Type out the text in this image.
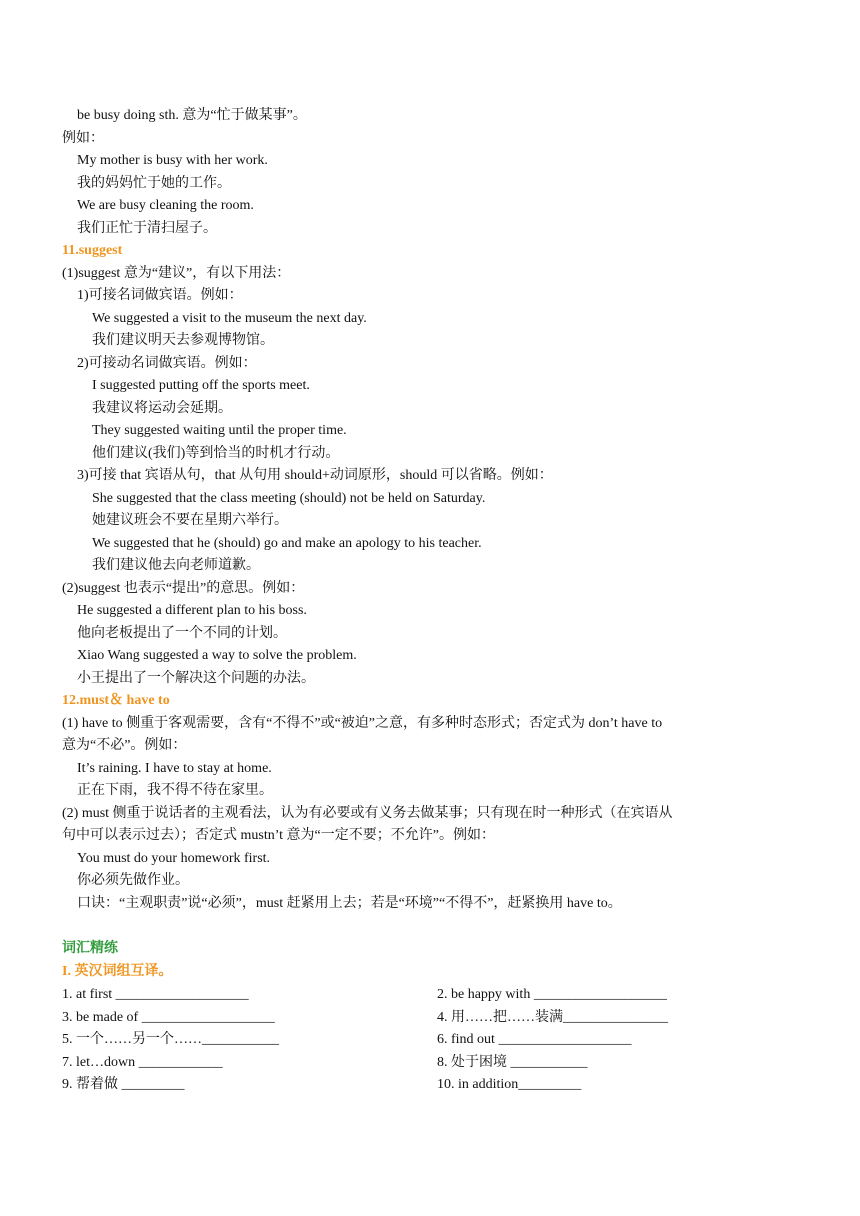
be busy doing sth. 意为“忙于做某事”。
例如：
My mother is busy with her work.
我的妈妈忙于她的工作。
We are busy cleaning the room.
我们正忙于清扫屋子。
11.suggest
(1)suggest 意为“建议”，有以下用法：
1)可接名词做宾语。例如：
We suggested a visit to the museum the next day.
我们建议明天去参观博物馆。
2)可接动名词做宾语。例如：
I suggested putting off the sports meet.
我建议将运动会延期。
They suggested waiting until the proper time.
他们建议(我们)等到恰当的时机才行动。
3)可接 that 宾语从句，that 从句用 should+动词原形，should 可以省略。例如：
She suggested that the class meeting (should) not be held on Saturday.
她建议班会不要在星期六举行。
We suggested that he (should) go and make an apology to his teacher.
我们建议他去向老师道歉。
(2)suggest 也表示“提出”的意思。例如：
He suggested a different plan to his boss.
他向老板提出了一个不同的计划。
Xiao Wang suggested a way to solve the problem.
小王提出了一个解决这个问题的办法。
12.must＆ have to
(1) have to 侧重于客观需要，含有“不得不”或“被迫”之意，有多种时态形式；否定式为 don’t have to
意为“不必”。例如：
It’s raining. I have to stay at home.
正在下雨，我不得不待在家里。
(2) must 侧重于说话者的主观看法，认为有必要或有义务去做某事；只有现在时一种形式（在宾语从
句中可以表示过去）；否定式 mustn’t 意为“一定不要；不允许”。例如：
You must do your homework first.
你必须先做作业。
口诀：“主观职责”说“必须”，must 赶紧用上去；若是“环境”“不得不”，赶紧换用 have to。
词汇精练
I. 英汉词组互译。
1. at first ___________________	2. be happy with ___________________
3. be made of ___________________	4. 用……把……装满_______________
5. 一个……另一个……___________	6. find out ___________________
7. let…down ____________	8. 处于困境 ___________
9. 帮着做 _________	10. in addition_________
